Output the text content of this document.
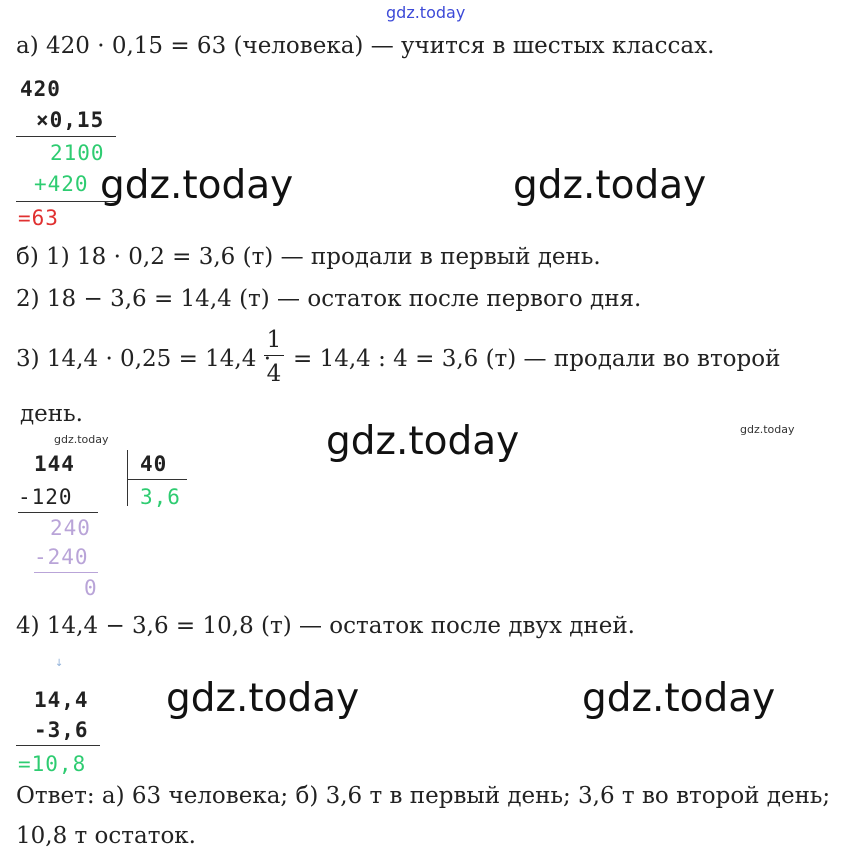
gdz.today
а) 420 · 0,15 = 63 (человека) — учится в шестых классах.
420
×0,15
2100
+420
=63
gdz.today	gdz.today
б) 1) 18 · 0,2 = 3,6 (т) — продали в первый день.
2) 18 − 3,6 = 14,4 (т) — остаток после первого дня.
3) 14,4 · 0,25 = 14,4 ·
1
4
= 14,4 : 4 = 3,6 (т) — продали во второй
день.
gdz.today
gdz.today
gdz.today
144	40
3,6
-120
240
-240
0
4) 14,4 − 3,6 = 10,8 (т) — остаток после двух дней.
↓
14,4
-3,6
=10,8
gdz.today	gdz.today
Ответ: а) 63 человека; б) 3,6 т в первый день; 3,6 т во второй день;
10,8 т остаток.
